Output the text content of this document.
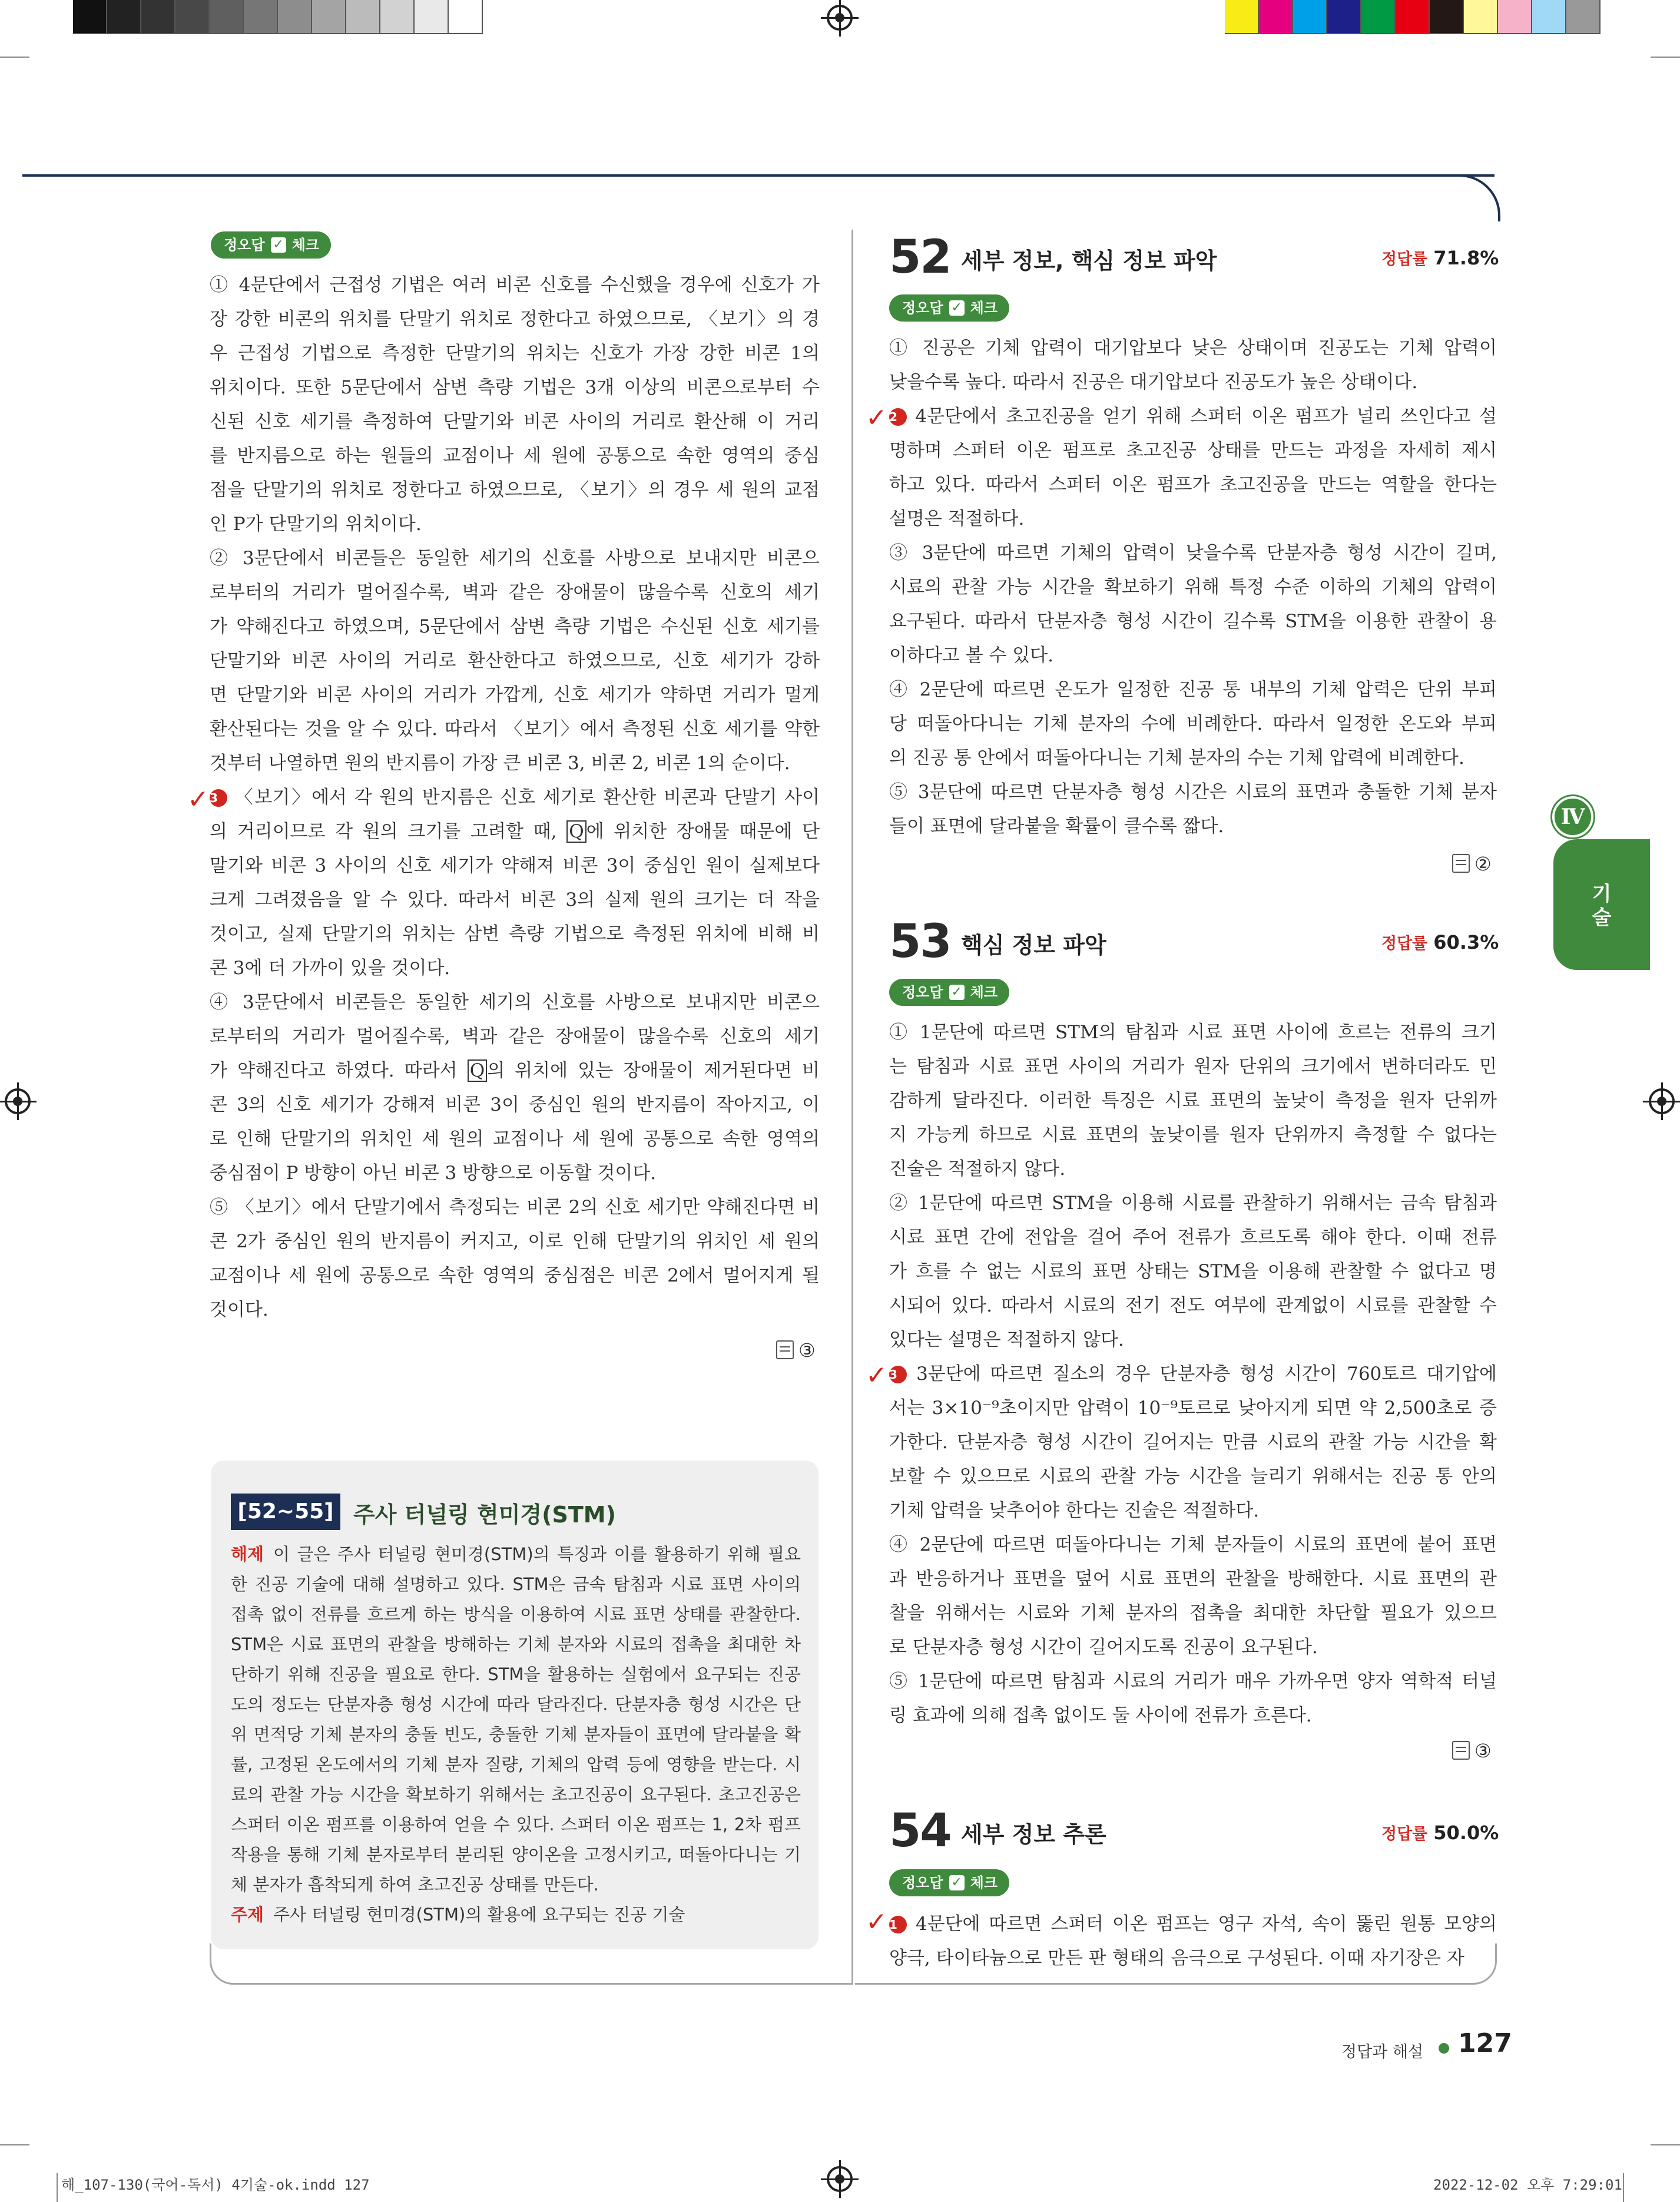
정오답 ✓ 체크
✓
① 4문단에서 근접성 기법은 여러 비콘 신호를 수신했을 경우에 신호가 가
장 강한 비콘의 위치를 단말기 위치로 정한다고 하였으므로, 〈보기〉의 경
우 근접성 기법으로 측정한 단말기의 위치는 신호가 가장 강한 비콘 1의
위치이다. 또한 5문단에서 삼변 측량 기법은 3개 이상의 비콘으로부터 수
신된 신호 세기를 측정하여 단말기와 비콘 사이의 거리로 환산해 이 거리
를 반지름으로 하는 원들의 교점이나 세 원에 공통으로 속한 영역의 중심
점을 단말기의 위치로 정한다고 하였으므로, 〈보기〉의 경우 세 원의 교점
인 P가 단말기의 위치이다.
② 3문단에서 비콘들은 동일한 세기의 신호를 사방으로 보내지만 비콘으
로부터의 거리가 멀어질수록, 벽과 같은 장애물이 많을수록 신호의 세기
가 약해진다고 하였으며, 5문단에서 삼변 측량 기법은 수신된 신호 세기를
단말기와 비콘 사이의 거리로 환산한다고 하였으므로, 신호 세기가 강하
면 단말기와 비콘 사이의 거리가 가깝게, 신호 세기가 약하면 거리가 멀게
환산된다는 것을 알 수 있다. 따라서 〈보기〉에서 측정된 신호 세기를 약한
것부터 나열하면 원의 반지름이 가장 큰 비콘 3, 비콘 2, 비콘 1의 순이다.
3 〈보기〉에서 각 원의 반지름은 신호 세기로 환산한 비콘과 단말기 사이
의 거리이므로 각 원의 크기를 고려할 때, Q 에 위치한 장애물 때문에 단
말기와 비콘 3 사이의 신호 세기가 약해져 비콘 3이 중심인 원이 실제보다
크게 그려졌음을 알 수 있다. 따라서 비콘 3의 실제 원의 크기는 더 작을
것이고, 실제 단말기의 위치는 삼변 측량 기법으로 측정된 위치에 비해 비
콘 3에 더 가까이 있을 것이다.
④ 3문단에서 비콘들은 동일한 세기의 신호를 사방으로 보내지만 비콘으
로부터의 거리가 멀어질수록, 벽과 같은 장애물이 많을수록 신호의 세기
가 약해진다고 하였다. 따라서 Q 의 위치에 있는 장애물이 제거된다면 비
콘 3의 신호 세기가 강해져 비콘 3이 중심인 원의 반지름이 작아지고, 이
로 인해 단말기의 위치인 세 원의 교점이나 세 원에 공통으로 속한 영역의
중심점이 P 방향이 아닌 비콘 3 방향으로 이동할 것이다.
⑤ 〈보기〉에서 단말기에서 측정되는 비콘 2의 신호 세기만 약해진다면 비
콘 2가 중심인 원의 반지름이 커지고, 이로 인해 단말기의 위치인 세 원의
교점이나 세 원에 공통으로 속한 영역의 중심점은 비콘 2에서 멀어지게 될
것이다.
③
[52~55] 주사 터널링 현미경(STM)
해제 이 글은 주사 터널링 현미경(STM)의 특징과 이를 활용하기 위해 필요
한 진공 기술에 대해 설명하고 있다. STM은 금속 탐침과 시료 표면 사이의
접촉 없이 전류를 흐르게 하는 방식을 이용하여 시료 표면 상태를 관찰한다.
STM은 시료 표면의 관찰을 방해하는 기체 분자와 시료의 접촉을 최대한 차
단하기 위해 진공을 필요로 한다. STM을 활용하는 실험에서 요구되는 진공
도의 정도는 단분자층 형성 시간에 따라 달라진다. 단분자층 형성 시간은 단
위 면적당 기체 분자의 충돌 빈도, 충돌한 기체 분자들이 표면에 달라붙을 확
률, 고정된 온도에서의 기체 분자 질량, 기체의 압력 등에 영향을 받는다. 시
료의 관찰 가능 시간을 확보하기 위해서는 초고진공이 요구된다. 초고진공은
스퍼터 이온 펌프를 이용하여 얻을 수 있다. 스퍼터 이온 펌프는 1, 2차 펌프
작용을 통해 기체 분자로부터 분리된 양이온을 고정시키고, 떠돌아다니는 기
체 분자가 흡착되게 하여 초고진공 상태를 만든다.
주제 주사 터널링 현미경(STM)의 활용에 요구되는 진공 기술
52 세부 정보, 핵심 정보 파악	정답률 71.8%
정오답 ✓ 체크
✓
① 진공은 기체 압력이 대기압보다 낮은 상태이며 진공도는 기체 압력이
낮을수록 높다. 따라서 진공은 대기압보다 진공도가 높은 상태이다.
2 4문단에서 초고진공을 얻기 위해 스퍼터 이온 펌프가 널리 쓰인다고 설
명하며 스퍼터 이온 펌프로 초고진공 상태를 만드는 과정을 자세히 제시
하고 있다. 따라서 스퍼터 이온 펌프가 초고진공을 만드는 역할을 한다는
설명은 적절하다.
③ 3문단에 따르면 기체의 압력이 낮을수록 단분자층 형성 시간이 길며,
시료의 관찰 가능 시간을 확보하기 위해 특정 수준 이하의 기체의 압력이
요구된다. 따라서 단분자층 형성 시간이 길수록 STM을 이용한 관찰이 용
이하다고 볼 수 있다.
④ 2문단에 따르면 온도가 일정한 진공 통 내부의 기체 압력은 단위 부피
당 떠돌아다니는 기체 분자의 수에 비례한다. 따라서 일정한 온도와 부피
의 진공 통 안에서 떠돌아다니는 기체 분자의 수는 기체 압력에 비례한다.
⑤ 3문단에 따르면 단분자층 형성 시간은 시료의 표면과 충돌한 기체 분자
들이 표면에 달라붙을 확률이 클수록 짧다.
②
53 핵심 정보 파악	정답률 60.3%
정오답 ✓ 체크
✓
① 1문단에 따르면 STM의 탐침과 시료 표면 사이에 흐르는 전류의 크기
는 탐침과 시료 표면 사이의 거리가 원자 단위의 크기에서 변하더라도 민
감하게 달라진다. 이러한 특징은 시료 표면의 높낮이 측정을 원자 단위까
지 가능케 하므로 시료 표면의 높낮이를 원자 단위까지 측정할 수 없다는
진술은 적절하지 않다.
② 1문단에 따르면 STM을 이용해 시료를 관찰하기 위해서는 금속 탐침과
시료 표면 간에 전압을 걸어 주어 전류가 흐르도록 해야 한다. 이때 전류
가 흐를 수 없는 시료의 표면 상태는 STM을 이용해 관찰할 수 없다고 명
시되어 있다. 따라서 시료의 전기 전도 여부에 관계없이 시료를 관찰할 수
있다는 설명은 적절하지 않다.
3 3문단에 따르면 질소의 경우 단분자층 형성 시간이 760토르 대기압에
서는 3×10⁻⁹초이지만 압력이 10⁻⁹토르로 낮아지게 되면 약 2,500초로 증
가한다. 단분자층 형성 시간이 길어지는 만큼 시료의 관찰 가능 시간을 확
보할 수 있으므로 시료의 관찰 가능 시간을 늘리기 위해서는 진공 통 안의
기체 압력을 낮추어야 한다는 진술은 적절하다.
④ 2문단에 따르면 떠돌아다니는 기체 분자들이 시료의 표면에 붙어 표면
과 반응하거나 표면을 덮어 시료 표면의 관찰을 방해한다. 시료 표면의 관
찰을 위해서는 시료와 기체 분자의 접촉을 최대한 차단할 필요가 있으므
로 단분자층 형성 시간이 길어지도록 진공이 요구된다.
⑤ 1문단에 따르면 탐침과 시료의 거리가 매우 가까우면 양자 역학적 터널
링 효과에 의해 접촉 없이도 둘 사이에 전류가 흐른다.
③
54 세부 정보 추론	정답률 50.0%
정오답 ✓ 체크
✓ 1 4문단에 따르면 스퍼터 이온 펌프는 영구 자석, 속이 뚫린 원통 모양의
양극, 타이타늄으로 만든 판 형태의 음극으로 구성된다. 이때 자기장은 자
Ⅳ
기술
정답과 해설 127
해_107-130(국어-독서) 4기술-ok.indd 127	2022-12-02 오후 7:29:01
